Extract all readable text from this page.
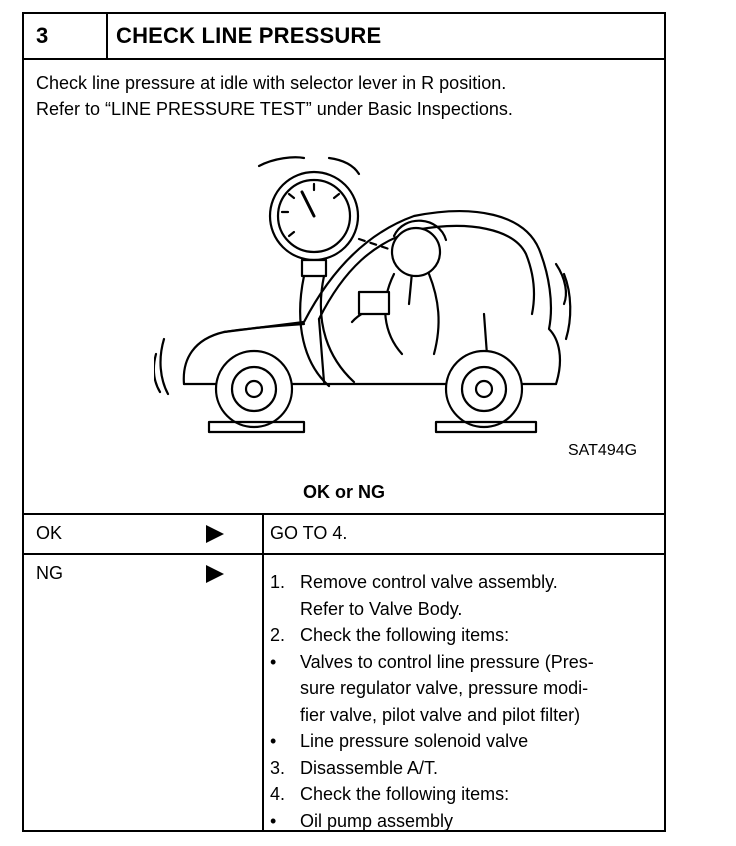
3	CHECK LINE PRESSURE
Check line pressure at idle with selector lever in R position.
Refer to “LINE PRESSURE TEST” under Basic Inspections.
SAT494G
OK or NG
OK	GO TO 4.
NG	1. Remove control valve assembly.
Refer to Valve Body.
2. Check the following items:
• Valves to control line pressure (Pres-
sure regulator valve, pressure modi-
fier valve, pilot valve and pilot filter)
• Line pressure solenoid valve
3. Disassemble A/T.
4. Check the following items:
• Oil pump assembly
